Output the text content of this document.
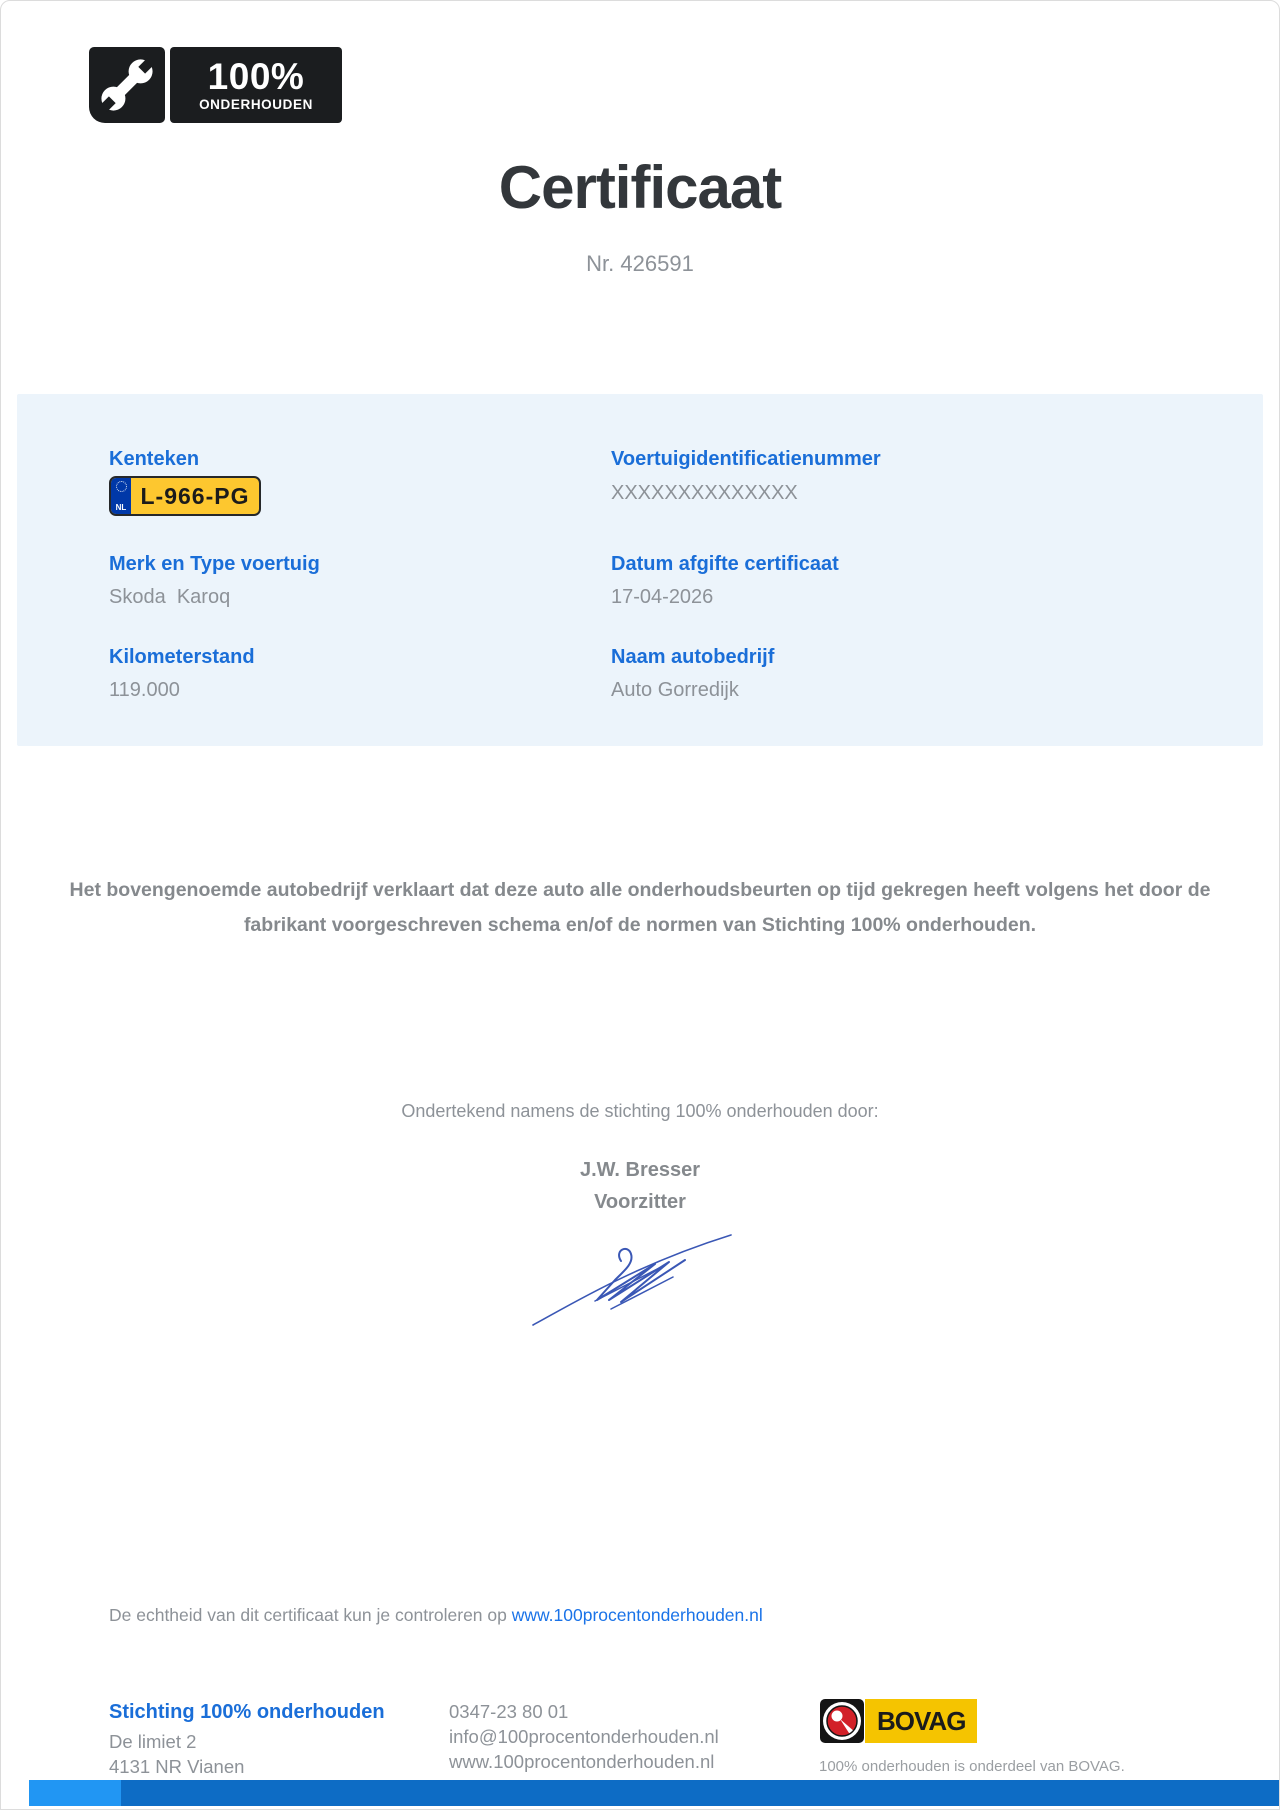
100%
ONDERHOUDEN
Certificaat
Nr. 426591
Kenteken
NL L-966-PG
Voertuigidentificatienummer
XXXXXXXXXXXXXX
Merk en Type voertuig
Skoda  Karoq
Datum afgifte certificaat
17-04-2026
Kilometerstand
119.000
Naam autobedrijf
Auto Gorredijk
Het bovengenoemde autobedrijf verklaart dat deze auto alle onderhoudsbeurten op tijd gekregen heeft volgens het door de fabrikant voorgeschreven schema en/of de normen van Stichting 100% onderhouden.
Ondertekend namens de stichting 100% onderhouden door:
J.W. Bresser
Voorzitter
De echtheid van dit certificaat kun je controleren op www.100procentonderhouden.nl
Stichting 100% onderhouden
De limiet 2
4131 NR Vianen
0347-23 80 01
info@100procentonderhouden.nl
www.100procentonderhouden.nl
BOVAG
100% onderhouden is onderdeel van BOVAG.
